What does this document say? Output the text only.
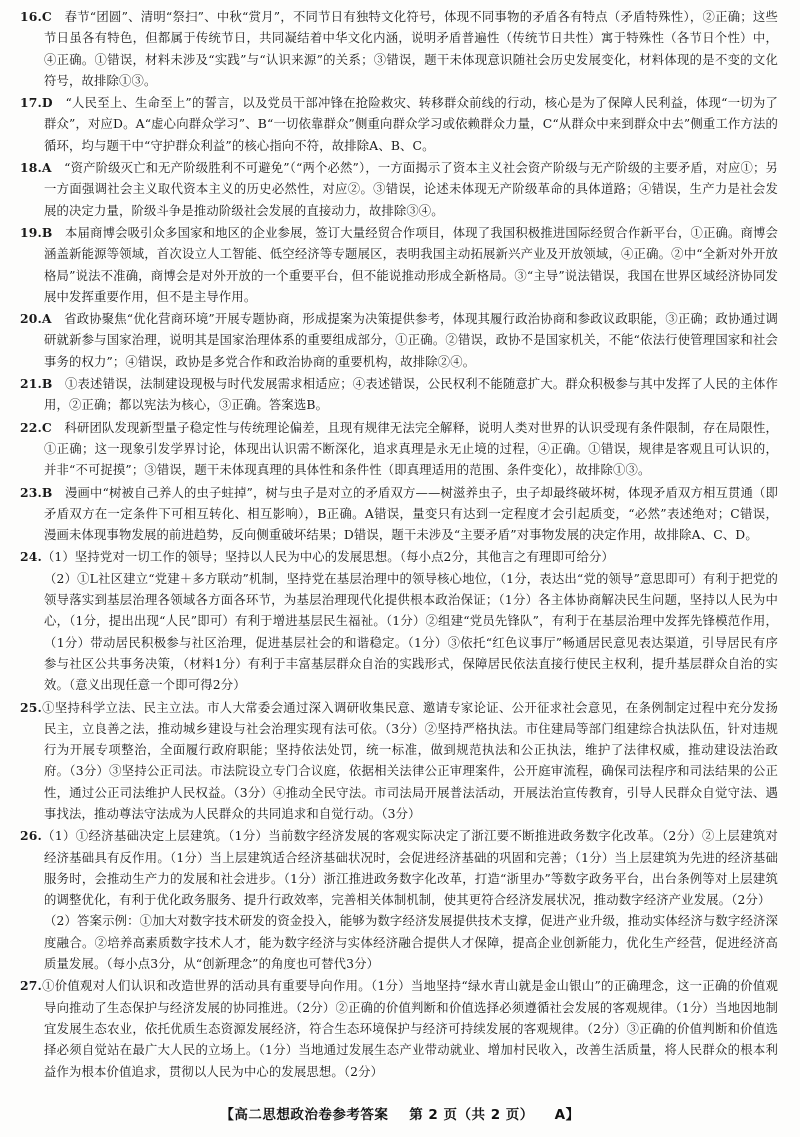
16.C　春节“团圆”、清明“祭扫”、中秋“赏月”，不同节日有独特文化符号，体现不同事物的矛盾各有特点（矛盾特殊性），②正确；这些节日虽各有特色，但都属于传统节日，共同凝结着中华文化内涵，说明矛盾普遍性（传统节日共性）寓于特殊性（各节日个性）中，④正确。①错误，材料未涉及“实践”与“认识来源”的关系；③错误，题干未体现意识随社会历史发展变化，材料体现的是不变的文化符号，故排除①③。

17.D　“人民至上、生命至上”的誓言，以及党员干部冲锋在抢险救灾、转移群众前线的行动，核心是为了保障人民利益，体现“一切为了群众”，对应D。A“虚心向群众学习”、B“一切依靠群众”侧重向群众学习或依赖群众力量，C“从群众中来到群众中去”侧重工作方法的循环，均与题干中“守护群众利益”的核心指向不符，故排除A、B、C。

18.A　“资产阶级灭亡和无产阶级胜利不可避免”（“两个必然”），一方面揭示了资本主义社会资产阶级与无产阶级的主要矛盾，对应①；另一方面强调社会主义取代资本主义的历史必然性，对应②。③错误，论述未体现无产阶级革命的具体道路；④错误，生产力是社会发展的决定力量，阶级斗争是推动阶级社会发展的直接动力，故排除③④。

19.B　本届商博会吸引众多国家和地区的企业参展，签订大量经贸合作项目，体现了我国积极推进国际经贸合作新平台，①正确。商博会涵盖新能源等领域，首次设立人工智能、低空经济等专题展区，表明我国主动拓展新兴产业及开放领域，④正确。②中“全新对外开放格局”说法不准确，商博会是对外开放的一个重要平台，但不能说推动形成全新格局。③“主导”说法错误，我国在世界区域经济协同发展中发挥重要作用，但不是主导作用。

20.A　省政协聚焦“优化营商环境”开展专题协商，形成提案为决策提供参考，体现其履行政治协商和参政议政职能，③正确；政协通过调研就新参与国家治理，说明其是国家治理体系的重要组成部分，①正确。②错误，政协不是国家机关，不能“依法行使管理国家和社会事务的权力”；④错误，政协是多党合作和政治协商的重要机构，故排除②④。

21.B　①表述错误，法制建设现极与时代发展需求相适应；④表述错误，公民权利不能随意扩大。群众积极参与其中发挥了人民的主体作用，②正确；都以宪法为核心，③正确。答案选B。

22.C　科研团队发现新型量子稳定性与传统理论偏差，且现有规律无法完全解释，说明人类对世界的认识受现有条件限制，存在局限性，①正确；这一现象引发学界讨论，体现出认识需不断深化，追求真理是永无止境的过程，④正确。①错误，规律是客观且可认识的，并非“不可捉摸”；③错误，题干未体现真理的具体性和条件性（即真理适用的范围、条件变化），故排除①③。

23.B　漫画中“树被自己养人的虫子蛀掉”，树与虫子是对立的矛盾双方——树滋养虫子，虫子却最终破坏树，体现矛盾双方相互贯通（即矛盾双方在一定条件下可相互转化、相互影响），B正确。A错误，量变只有达到一定程度才会引起质变，“必然”表述绝对；C错误，漫画未体现事物发展的前进趋势，反向侧重破坏结果；D错误，题干未涉及“主要矛盾”对事物发展的决定作用，故排除A、C、D。

24.（1）坚持党对一切工作的领导；坚持以人民为中心的发展思想。（每小点2分，其他言之有理即可给分）

（2）①L社区建立“党建＋多方联动”机制，坚持党在基层治理中的领导核心地位，（1分，表达出“党的领导”意思即可）有利于把党的领导落实到基层治理各领域各方面各环节，为基层治理现代化提供根本政治保证；（1分）各主体协商解决民生问题，坚持以人民为中心，（1分，提出出现“人民”即可）有利于增进基层民生福祉。（1分）②组建“党员先锋队”，有利于在基层治理中发挥先锋模范作用，（1分）带动居民积极参与社区治理，促进基层社会的和谐稳定。（1分）③依托“红色议事厅”畅通居民意见表达渠道，引导居民有序参与社区公共事务决策，（材料1分）有利于丰富基层群众自治的实践形式，保障居民依法直接行使民主权利，提升基层群众自治的实效。（意义出现任意一个即可得2分）

25.①坚持科学立法、民主立法。市人大常委会通过深入调研收集民意、邀请专家论证、公开征求社会意见，在条例制定过程中充分发扬民主，立良善之法，推动城乡建设与社会治理实现有法可依。（3分）②坚持严格执法。市住建局等部门组建综合执法队伍，针对违规行为开展专项整治，全面履行政府职能；坚持依法处罚，统一标准，做到规范执法和公正执法，维护了法律权威，推动建设法治政府。（3分）③坚持公正司法。市法院设立专门合议庭，依据相关法律公正审理案件，公开庭审流程，确保司法程序和司法结果的公正性，通过公正司法维护人民权益。（3分）④推动全民守法。市司法局开展普法活动，开展法治宣传教育，引导人民群众自觉守法、遇事找法，推动尊法守法成为人民群众的共同追求和自觉行动。（3分）

26.（1）①经济基础决定上层建筑。（1分）当前数字经济发展的客观实际决定了浙江要不断推进政务数字化改革。（2分）②上层建筑对经济基础具有反作用。（1分）当上层建筑适合经济基础状况时，会促进经济基础的巩固和完善；（1分）当上层建筑为先进的经济基础服务时，会推动生产力的发展和社会进步。（1分）浙江推进政务数字化改革，打造“浙里办”等数字政务平台，出台条例等对上层建筑的调整优化，有利于优化政务服务、提升行政效率，完善相关体制机制，使其更符合经济发展状况，推动数字经济产业发展。（2分）

（2）答案示例：①加大对数字技术研发的资金投入，能够为数字经济发展提供技术支撑，促进产业升级，推动实体经济与数字经济深度融合。②培养高素质数字技术人才，能为数字经济与实体经济融合提供人才保障，提高企业创新能力，优化生产经营，促进经济高质量发展。（每小点3分，从“创新理念”的角度也可替代3分）

27.①价值观对人们认识和改造世界的活动具有重要导向作用。（1分）当地坚持“绿水青山就是金山银山”的正确理念，这一正确的价值观导向推动了生态保护与经济发展的协同推进。（2分）②正确的价值判断和价值选择必须遵循社会发展的客观规律。（1分）当地因地制宜发展生态农业，依托优质生态资源发展经济，符合生态环境保护与经济可持续发展的客观规律。（2分）③正确的价值判断和价值选择必须自觉站在最广大人民的立场上。（1分）当地通过发展生态产业带动就业、增加村民收入，改善生活质量，将人民群众的根本利益作为根本价值追求，贯彻以人民为中心的发展思想。（2分）

【高二思想政治卷参考答案 第 2 页（共 2 页） A】
